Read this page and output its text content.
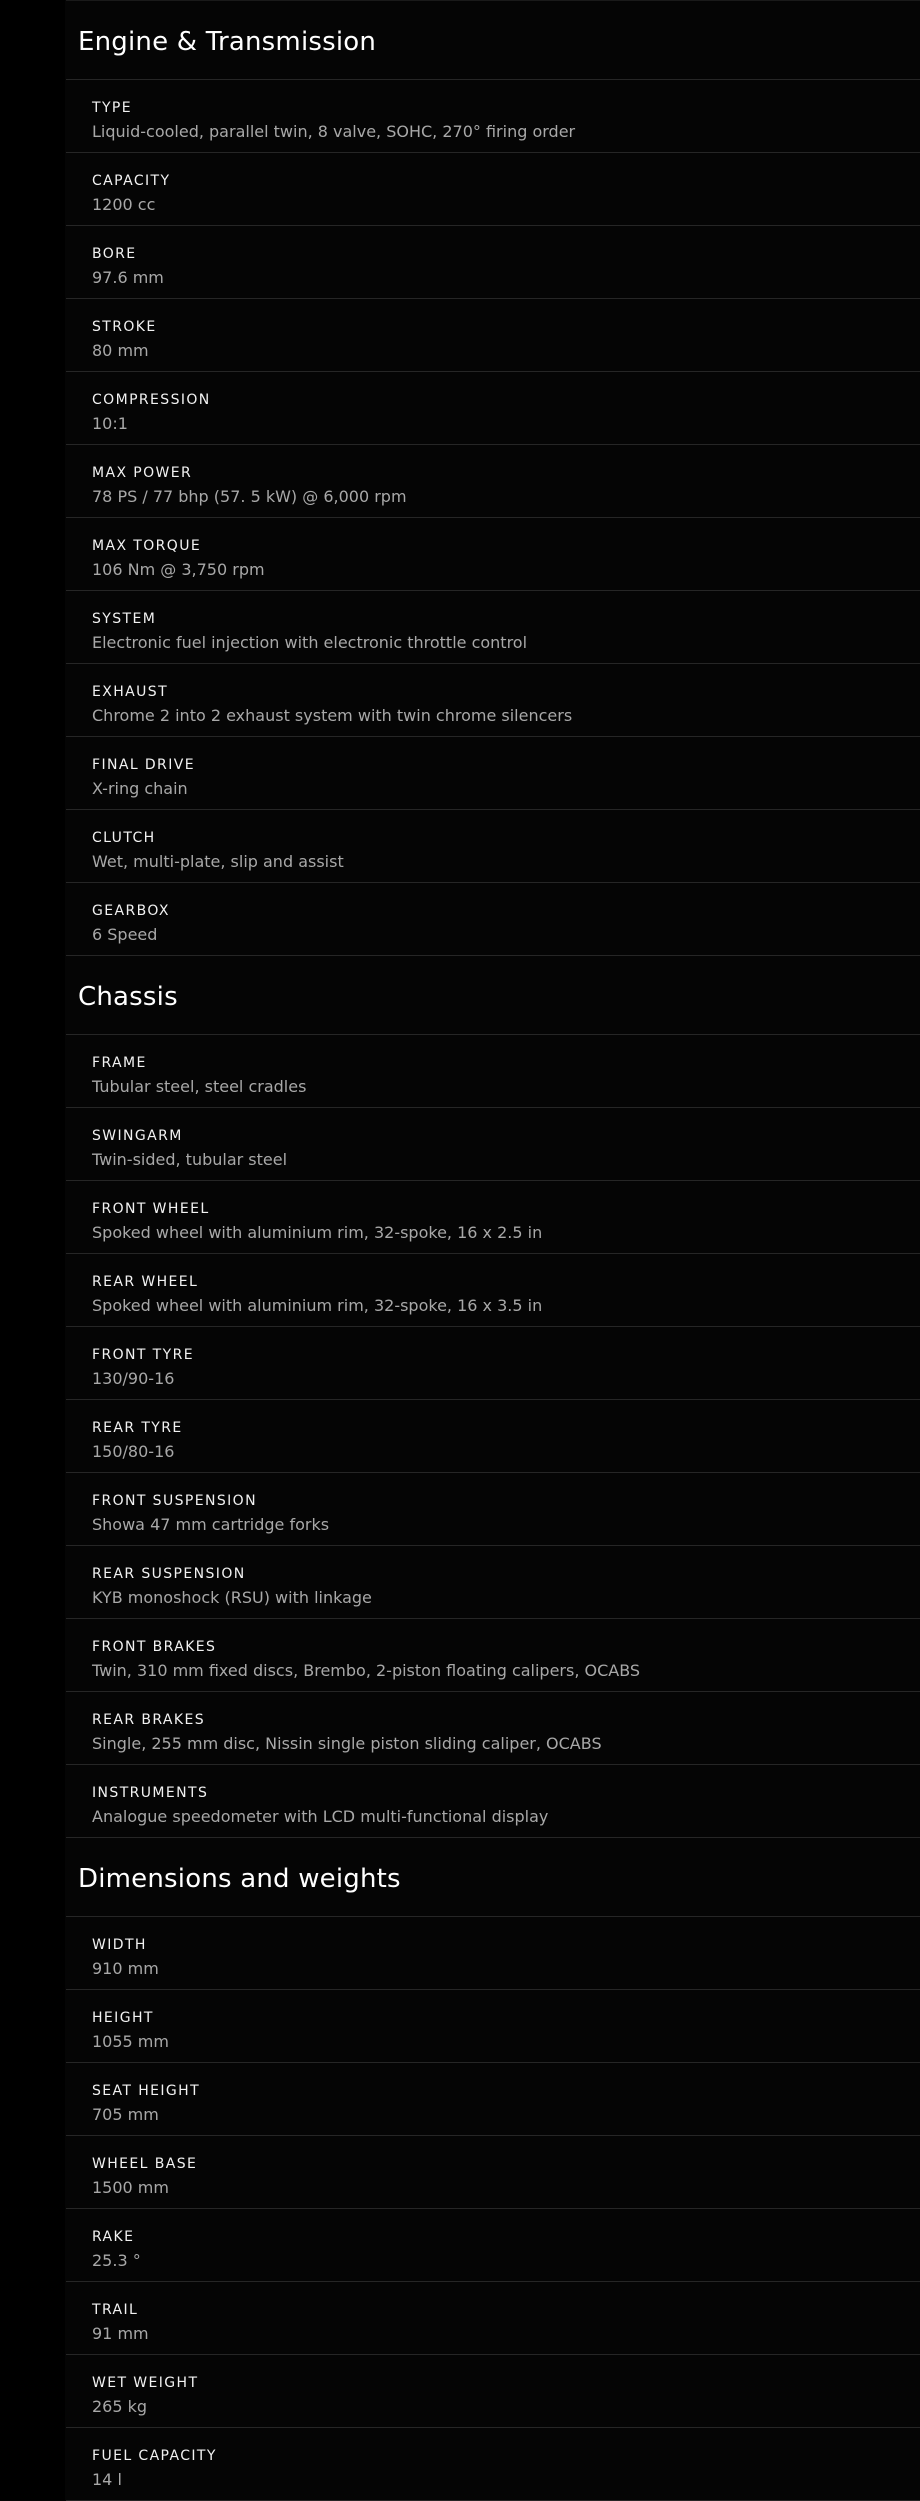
Engine & Transmission
TYPE
Liquid-cooled, parallel twin, 8 valve, SOHC, 270° firing order
CAPACITY
1200 cc
BORE
97.6 mm
STROKE
80 mm
COMPRESSION
10:1
MAX POWER
78 PS / 77 bhp (57. 5 kW) @ 6,000 rpm
MAX TORQUE
106 Nm @ 3,750 rpm
SYSTEM
Electronic fuel injection with electronic throttle control
EXHAUST
Chrome 2 into 2 exhaust system with twin chrome silencers
FINAL DRIVE
X-ring chain
CLUTCH
Wet, multi-plate, slip and assist
GEARBOX
6 Speed
Chassis
FRAME
Tubular steel, steel cradles
SWINGARM
Twin-sided, tubular steel
FRONT WHEEL
Spoked wheel with aluminium rim, 32-spoke, 16 x 2.5 in
REAR WHEEL
Spoked wheel with aluminium rim, 32-spoke, 16 x 3.5 in
FRONT TYRE
130/90-16
REAR TYRE
150/80-16
FRONT SUSPENSION
Showa 47 mm cartridge forks
REAR SUSPENSION
KYB monoshock (RSU) with linkage
FRONT BRAKES
Twin, 310 mm fixed discs, Brembo, 2-piston floating calipers, OCABS
REAR BRAKES
Single, 255 mm disc, Nissin single piston sliding caliper, OCABS
INSTRUMENTS
Analogue speedometer with LCD multi-functional display
Dimensions and weights
WIDTH
910 mm
HEIGHT
1055 mm
SEAT HEIGHT
705 mm
WHEEL BASE
1500 mm
RAKE
25.3 °
TRAIL
91 mm
WET WEIGHT
265 kg
FUEL CAPACITY
14 l
